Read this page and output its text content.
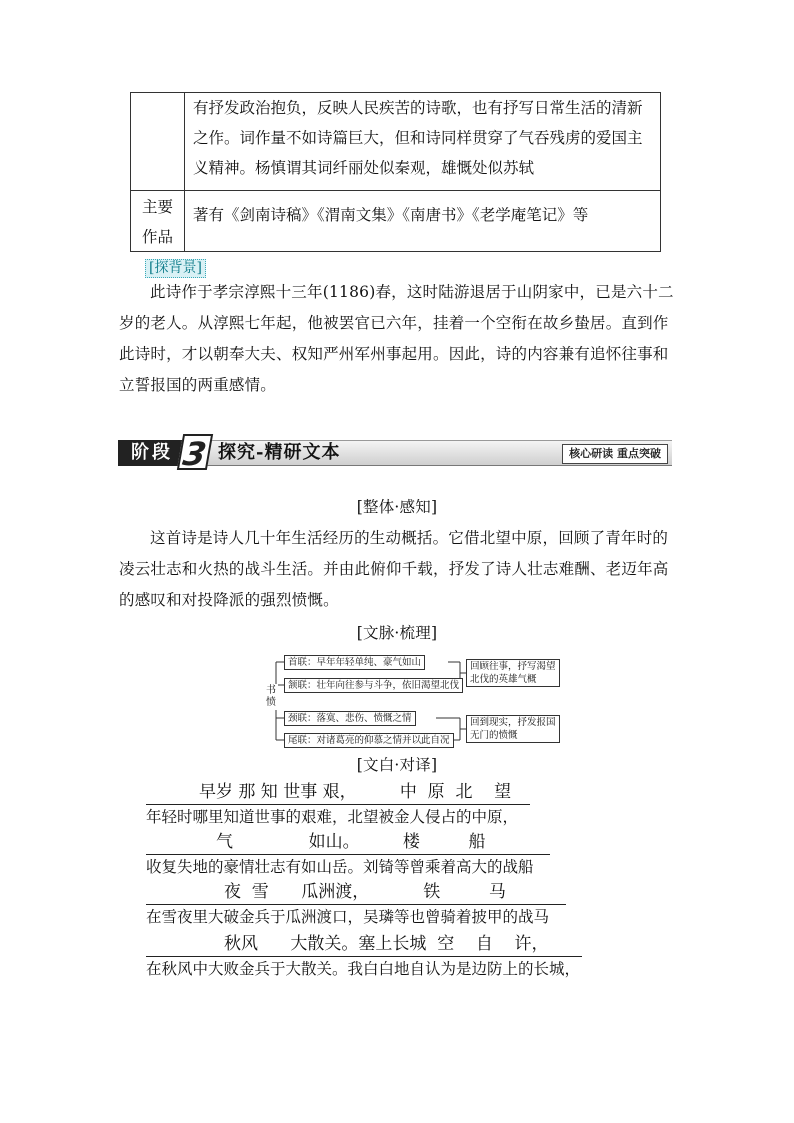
有抒发政治抱负，反映人民疾苦的诗歌，也有抒写日常生活的清新
之作。词作量不如诗篇巨大，但和诗同样贯穿了气吞残虏的爱国主
义精神。杨慎谓其词纤丽处似秦观，雄慨处似苏轼
主要
作品
著有《剑南诗稿》《渭南文集》《南唐书》《老学庵笔记》等
[探背景]
此诗作于孝宗淳熙十三年(1186)春，这时陆游退居于山阴家中，已是六十二
岁的老人。从淳熙七年起，他被罢官已六年，挂着一个空衔在故乡蛰居。直到作
此诗时，才以朝奉大夫、权知严州军州事起用。因此，诗的内容兼有追怀往事和
立誓报国的两重感情。
阶段 3 探究-精研文本	核心研读 重点突破
[整体·感知]
这首诗是诗人几十年生活经历的生动概括。它借北望中原，回顾了青年时的
凌云壮志和火热的战斗生活。并由此俯仰千载，抒发了诗人壮志难酬、老迈年高
的感叹和对投降派的强烈愤慨。
[文脉·梳理]
书
愤
首联：早年年轻单纯、豪气如山
颔联：壮年向往参与斗争，依旧渴望北伐
颈联：落寞、悲伤、愤慨之情
尾联：对诸葛亮的仰慕之情并以此自况
回顾往事，抒写渴望
北伐的英雄气概
回到现实，抒发报国
无门的愤慨
[文白·对译]
早岁 那 知 世事 艰，        中  原  北    望
年轻时哪里知道世事的艰难，北望被金人侵占的中原，
气              如山。        楼         船
收复失地的豪情壮志有如山岳。刘锜等曾乘着高大的战船
夜  雪      瓜洲渡，          铁         马
在雪夜里大破金兵于瓜洲渡口，吴璘等也曾骑着披甲的战马
秋风      大散关。塞上长城  空    自    许，
在秋风中大败金兵于大散关。我白白地自认为是边防上的长城，
